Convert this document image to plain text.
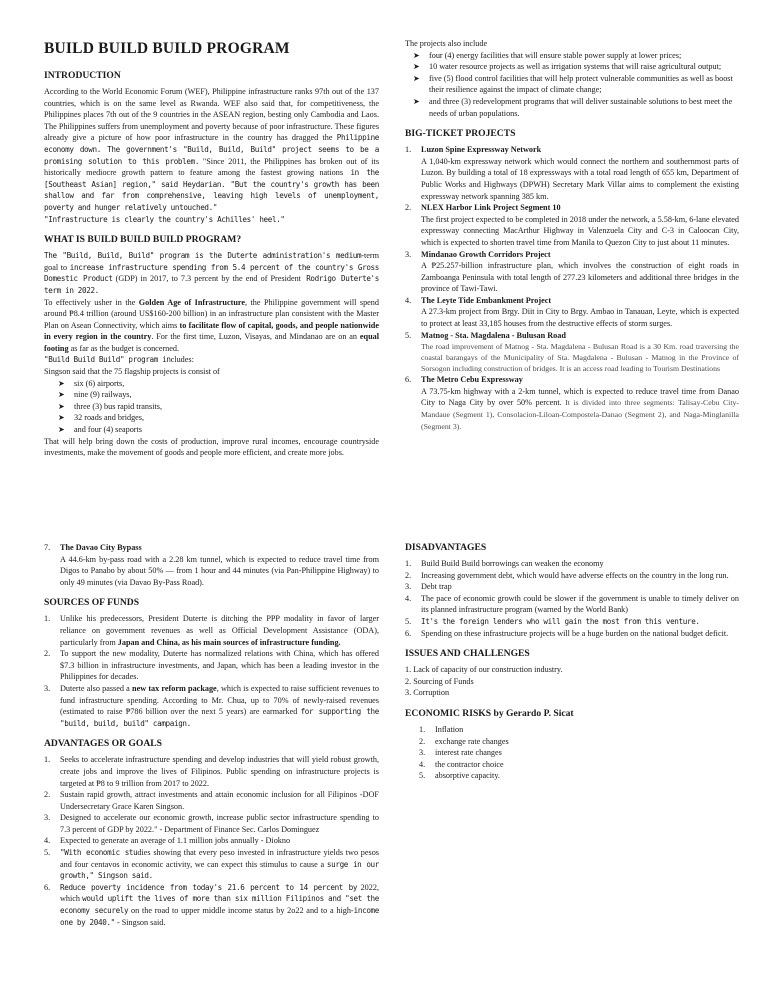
BUILD BUILD BUILD PROGRAM
INTRODUCTION
According to the World Economic Forum (WEF), Philippine infrastructure ranks 97th out of the 137 countries, which is on the same level as Rwanda. WEF also said that, for competitiveness, the Philippines places 7th out of the 9 countries in the ASEAN region, besting only Cambodia and Laos. The Philippines suffers from unemployment and poverty because of poor infrastructure. These figures already give a picture of how poor infrastructure in the country has dragged the Philippine economy down. The government's "Build, Build, Build" project seems to be a promising solution to this problem. "Since 2011, the Philippines has broken out of its historically mediocre growth pattern to feature among the fastest growing nations in the [Southeast Asian] region," said Heydarian. "But the country's growth has been shallow and far from comprehensive, leaving high levels of unemployment, poverty and hunger relatively untouched."
"Infrastructure is clearly the country's Achilles' heel."
WHAT IS BUILD BUILD BUILD PROGRAM?
The "Build, Build, Build" program is the Duterte administration's medium-term goal to increase infrastructure spending from 5.4 percent of the country's Gross Domestic Product (GDP) in 2017, to 7.3 percent by the end of President Rodrigo Duterte's term in 2022.
To effectively usher in the Golden Age of Infrastructure, the Philippine government will spend around ₱8.4 trillion (around US$160-200 billion) in an infrastructure plan consistent with the Master Plan on Asean Connectivity, which aims to facilitate flow of capital, goods, and people nationwide in every region in the country. For the first time, Luzon, Visayas, and Mindanao are on an equal footing as far as the budget is concerned.
"Build Build Build" program includes:
Singson said that the 75 flagship projects is consist of
➤ six (6) airports,
➤ nine (9) railways,
➤ three (3) bus rapid transits,
➤ 32 roads and bridges,
➤ and four (4) seaports
That will help bring down the costs of production, improve rural incomes, encourage countryside investments, make the movement of goods and people more efficient, and create more jobs.
The projects also include
➤ four (4) energy facilities that will ensure stable power supply at lower prices;
➤ 10 water resource projects as well as irrigation systems that will raise agricultural output;
➤ five (5) flood control facilities that will help protect vulnerable communities as well as boost their resilience against the impact of climate change;
➤ and three (3) redevelopment programs that will deliver sustainable solutions to best meet the needs of urban populations.
BIG-TICKET PROJECTS
1. Luzon Spine Expressway Network
A 1,040-km expressway network which would connect the northern and southernmost parts of Luzon. By building a total of 18 expressways with a total road length of 655 km, Department of Public Works and Highways (DPWH) Secretary Mark Villar aims to complement the existing expressway network spanning 385 km.
2. NLEX Harbor Link Project Segment 10
The first project expected to be completed in 2018 under the network, a 5.58-km, 6-lane elevated expressway connecting MacArthur Highway in Valenzuela City and C-3 in Caloocan City, which is expected to shorten travel time from Manila to Quezon City to just about 11 minutes.
3. Mindanao Growth Corridors Project
A ₱25.257-billion infrastructure plan, which involves the construction of eight roads in Zamboanga Peninsula with total length of 277.23 kilometers and additional three bridges in the province of Tawi-Tawi.
4. The Leyte Tide Embankment Project
A 27.3-km project from Brgy. Diit in City to Brgy. Ambao in Tanauan, Leyte, which is expected to protect at least 33,185 houses from the destructive effects of storm surges.
5. Matnog - Sta. Magdalena - Bulusan Road
The road improvement of Matnog - Sta. Magdalena - Bulusan Road is a 30 Km. road traversing the coastal barangays of the Municipality of Sta. Magdalena - Bulusan - Matnog in the Province of Sorsogon including construction of bridges. It is an access road leading to Tourism Destinations
6. The Metro Cebu Expressway
A 73.75-km highway with a 2-km tunnel, which is expected to reduce travel time from Danao City to Naga City by over 50% percent. It is divided into three segments: Talisay-Cebu City-Mandaue (Segment 1), Consolacion-Liloan-Compostela-Danao (Segment 2), and Naga-Minglanilla (Segment 3).
7. The Davao City Bypass
A 44.6-km by-pass road with a 2.28 km tunnel, which is expected to reduce travel time from Digos to Panabo by about 50% — from 1 hour and 44 minutes (via Pan-Philippine Highway) to only 49 minutes (via Davao By-Pass Road).
SOURCES OF FUNDS
1. Unlike his predecessors, President Duterte is ditching the PPP modality in favor of larger reliance on government revenues as well as Official Development Assistance (ODA), particularly from Japan and China, as his main sources of infrastructure funding.
2. To support the new modality, Duterte has normalized relations with China, which has offered $7.3 billion in infrastructure investments, and Japan, which has been a leading investor in the Philippines for decades.
3. Duterte also passed a new tax reform package, which is expected to raise sufficient revenues to fund infrastructure spending. According to Mr. Chua, up to 70% of newly-raised revenues (estimated to raise ₱786 billion over the next 5 years) are earmarked for supporting the "build, build, build" campaign.
ADVANTAGES OR GOALS
1. Seeks to accelerate infrastructure spending and develop industries that will yield robust growth, create jobs and improve the lives of Filipinos. Public spending on infrastructure projects is targeted at ₱8 to 9 trillion from 2017 to 2022.
2. Sustain rapid growth, attract investments and attain economic inclusion for all Filipinos -DOF Undersecretary Grace Karen Singson.
3. Designed to accelerate our economic growth, increase public sector infrastructure spending to 7.3 percent of GDP by 2022." - Department of Finance Sec. Carlos Dominguez
4. Expected to generate an average of 1.1 million jobs annually - Diokno
5. "With economic studies showing that every peso invested in infrastructure yields two pesos and four centavos in economic activity, we can expect this stimulus to cause a surge in our growth," Singson said.
6. Reduce poverty incidence from today's 21.6 percent to 14 percent by 2022, which would uplift the lives of more than six million Filipinos and "set the economy securely on the road to upper middle income status by 2o22 and to a high-income one by 2040." - Singson said.
DISADVANTAGES
1. Build Build Build borrowings can weaken the economy
2. Increasing government debt, which would have adverse effects on the country in the long run.
3. Debt trap
4. The pace of economic growth could be slower if the government is unable to timely deliver on its planned infrastructure program (warned by the World Bank)
5. It's the foreign lenders who will gain the most from this venture.
6. Spending on these infrastructure projects will be a huge burden on the national budget deficit.
ISSUES AND CHALLENGES
1. Lack of capacity of our construction industry.
2. Sourcing of Funds
3. Corruption
ECONOMIC RISKS by Gerardo P. Sicat
1. Inflation
2. exchange rate changes
3. interest rate changes
4. the contractor choice
5. absorptive capacity.
